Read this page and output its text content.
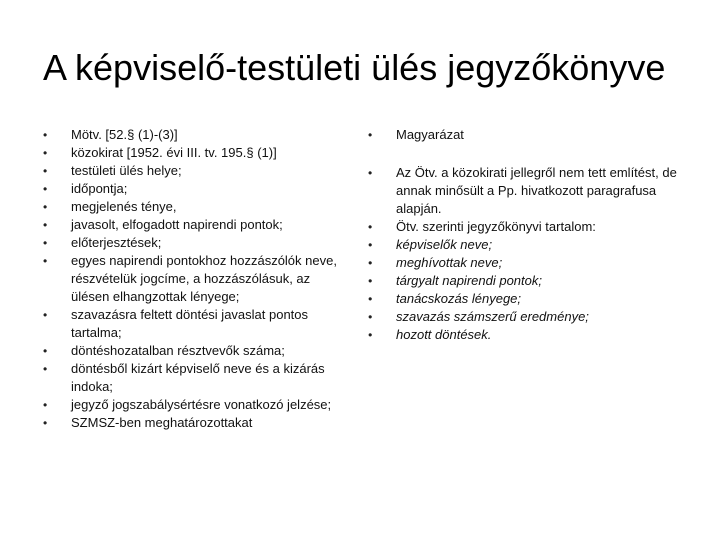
A képviselő-testületi ülés jegyzőkönyve
• Mötv. [52.§ (1)-(3)]
• közokirat [1952. évi III. tv. 195.§ (1)]
• testületi ülés helye;
• időpontja;
• megjelenés ténye,
• javasolt, elfogadott napirendi pontok;
• előterjesztések;
• egyes napirendi pontokhoz hozzászólók neve, részvételük jogcíme, a hozzászólásuk, az ülésen elhangzottak lényege;
• szavazásra feltett döntési javaslat pontos tartalma;
• döntéshozatalban résztvevők száma;
• döntésből kizárt képviselő neve és a kizárás indoka;
• jegyző jogszabálysértésre vonatkozó jelzése;
• SZMSZ-ben meghatározottakat
• Magyarázat
• Az Ötv. a közokirati jellegről nem tett említést, de annak minősült a Pp. hivatkozott paragrafusa alapján.
• Ötv. szerinti jegyzőkönyvi tartalom:
• képviselők neve;
• meghívottak neve;
• tárgyalt napirendi pontok;
• tanácskozás lényege;
• szavazás számszerű eredménye;
• hozott döntések.
